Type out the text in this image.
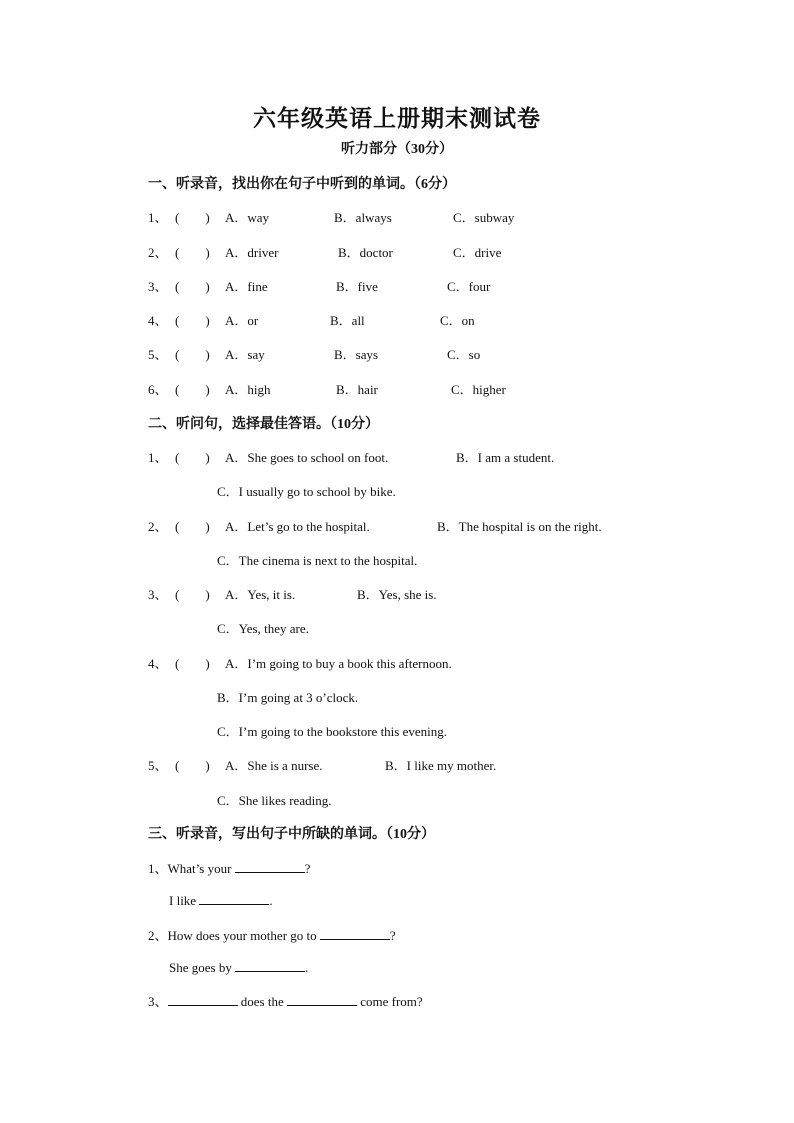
六年级英语上册期末测试卷
听力部分（30分）
一、听录音，找出你在句子中听到的单词。（6分）
1、 (　　) A．way	B．always	C．subway
2、 (　　) A．driver	B．doctor	C．drive
3、 (　　) A．fine	B．five	C．four
4、 (　　) A．or	B．all	C．on
5、 (　　) A．say	B．says	C．so
6、 (　　) A．high	B．hair	C．higher
二、听问句，选择最佳答语。（10分）
1、 (　　) A．She goes to school on foot.	B．I am a student.
C．I usually go to school by bike.
2、 (　　) A．Let’s go to the hospital.	B．The hospital is on the right.
C．The cinema is next to the hospital.
3、 (　　) A．Yes, it is.	B．Yes, she is.
C．Yes, they are.
4、 (　　) A．I’m going to buy a book this afternoon.
B．I’m going at 3 o’clock.
C．I’m going to the bookstore this evening.
5、 (　　) A．She is a nurse.	B．I like my mother.
C．She likes reading.
三、听录音，写出句子中所缺的单词。（10分）
1、What’s your	?
I like	.
2、How does your mother go to	?
She goes by	.
3、	does the	come from?
